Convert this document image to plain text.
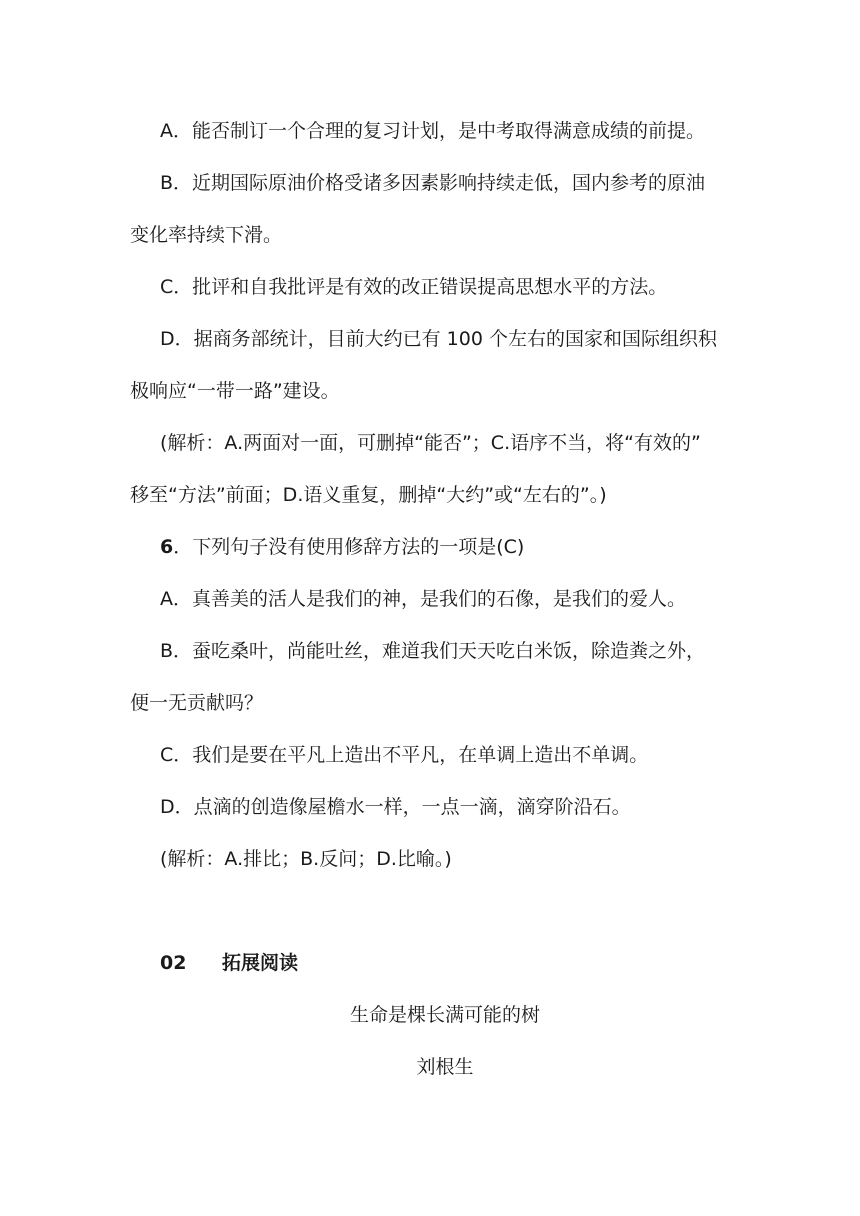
A．能否制订一个合理的复习计划，是中考取得满意成绩的前提。
B．近期国际原油价格受诸多因素影响持续走低，国内参考的原油
变化率持续下滑。
C．批评和自我批评是有效的改正错误提高思想水平的方法。
D．据商务部统计，目前大约已有 100 个左右的国家和国际组织积
极响应“一带一路”建设。
(解析：A.两面对一面，可删掉“能否”；C.语序不当，将“有效的”
移至“方法”前面；D.语义重复，删掉“大约”或“左右的”。)
6．下列句子没有使用修辞方法的一项是(C)
A．真善美的活人是我们的神，是我们的石像，是我们的爱人。
B．蚕吃桑叶，尚能吐丝，难道我们天天吃白米饭，除造粪之外，
便一无贡献吗？
C．我们是要在平凡上造出不平凡，在单调上造出不单调。
D．点滴的创造像屋檐水一样，一点一滴，滴穿阶沿石。
(解析：A.排比；B.反问；D.比喻。)
02 拓展阅读
生命是棵长满可能的树
刘根生
